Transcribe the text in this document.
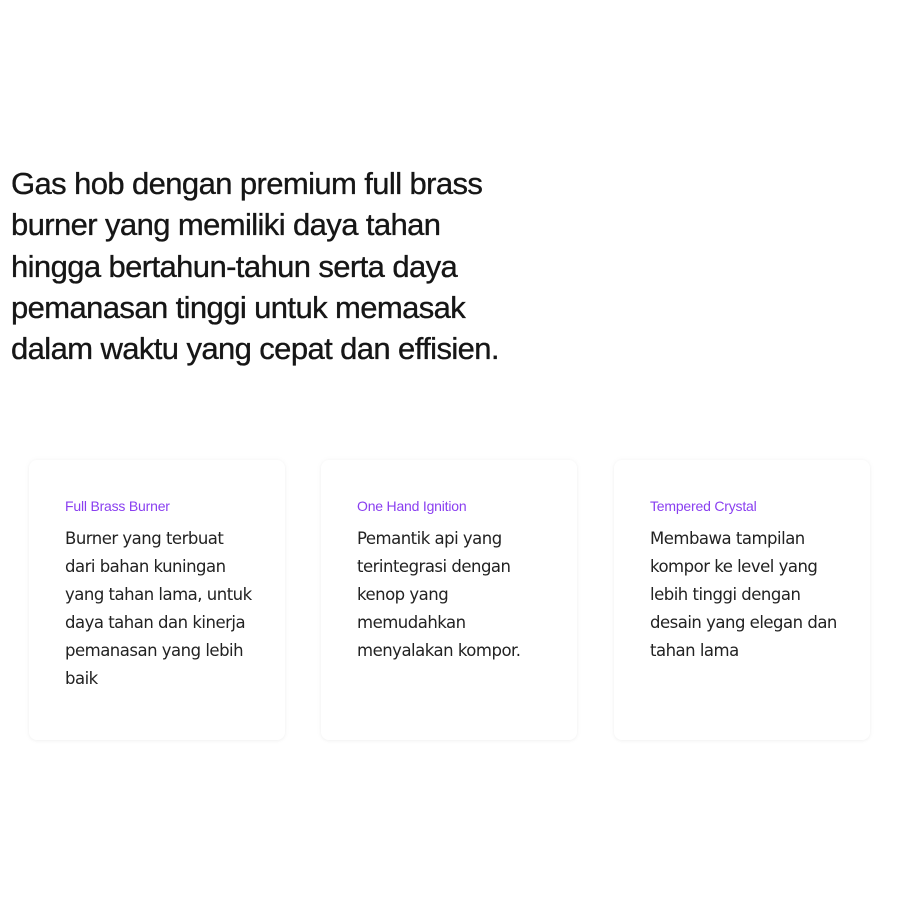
Gas hob dengan premium full brass burner yang memiliki daya tahan hingga bertahun-tahun serta daya pemanasan tinggi untuk memasak dalam waktu yang cepat dan effisien.

Full Brass Burner

Burner yang terbuat dari bahan kuningan yang tahan lama, untuk daya tahan dan kinerja pemanasan yang lebih baik

One Hand Ignition

Pemantik api yang terintegrasi dengan kenop yang memudahkan menyalakan kompor.

Tempered Crystal

Membawa tampilan kompor ke level yang lebih tinggi dengan desain yang elegan dan tahan lama
